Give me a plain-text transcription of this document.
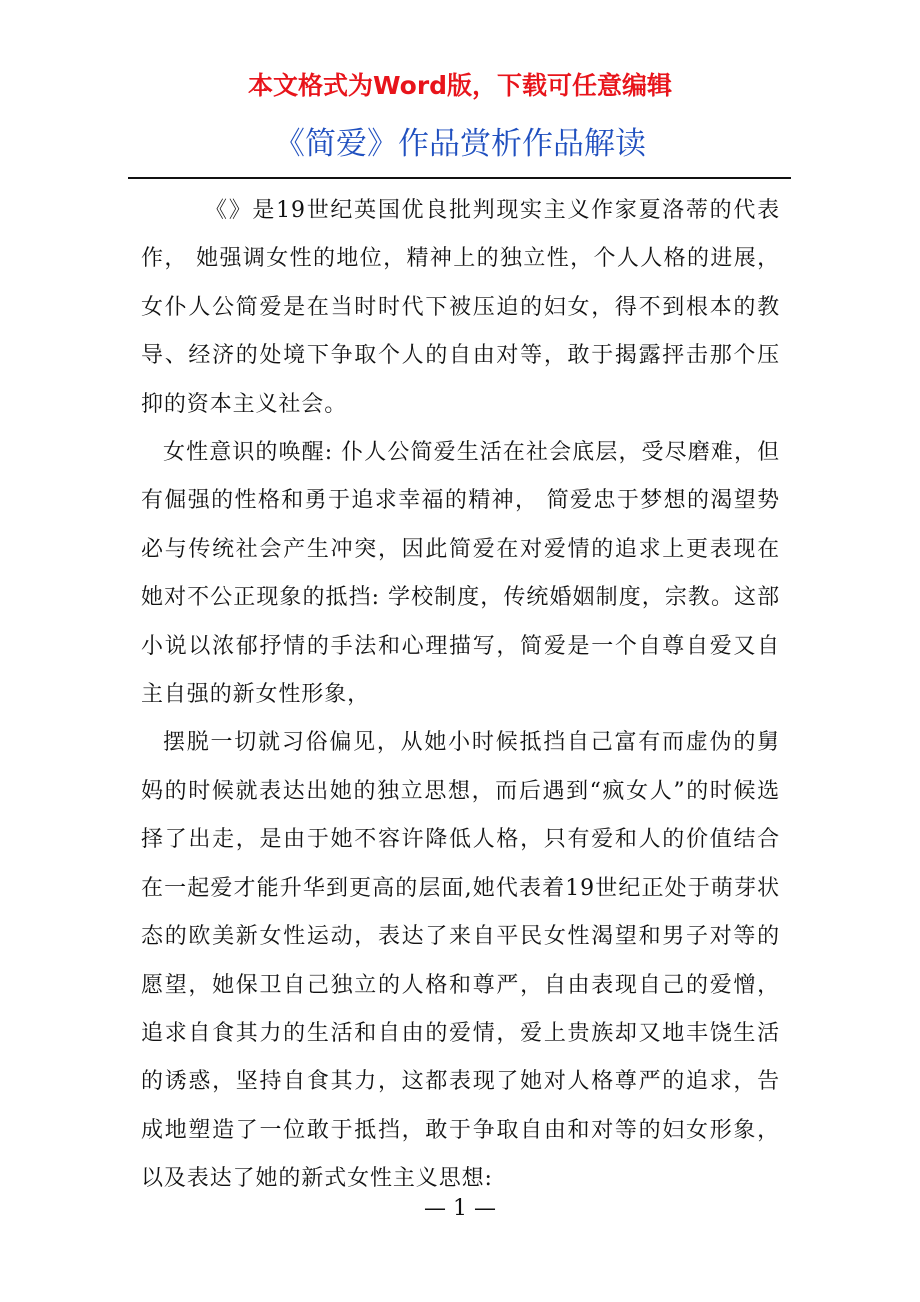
本文格式为Word版，下载可任意编辑
《简爱》作品赏析作品解读

《》是19世纪英国优良批判现实主义作家夏洛蒂的代表作， 她强调女性的地位，精神上的独立性，个人人格的进展，女仆人公简爱是在当时时代下被压迫的妇女，得不到根本的教导、经济的处境下争取个人的自由对等，敢于揭露抨击那个压抑的资本主义社会。

女性意识的唤醒: 仆人公简爱生活在社会底层，受尽磨难，但有倔强的性格和勇于追求幸福的精神， 简爱忠于梦想的渴望势必与传统社会产生冲突，因此简爱在对爱情的追求上更表现在她对不公正现象的抵挡: 学校制度，传统婚姻制度，宗教。这部小说以浓郁抒情的手法和心理描写，简爱是一个自尊自爱又自主自强的新女性形象，

摆脱一切就习俗偏见，从她小时候抵挡自己富有而虚伪的舅妈的时候就表达出她的独立思想，而后遇到“疯女人”的时候选择了出走，是由于她不容许降低人格，只有爱和人的价值结合在一起爱才能升华到更高的层面,她代表着19世纪正处于萌芽状态的欧美新女性运动，表达了来自平民女性渴望和男子对等的愿望，她保卫自己独立的人格和尊严，自由表现自己的爱憎，追求自食其力的生活和自由的爱情，爱上贵族却又地丰饶生活的诱惑，坚持自食其力，这都表现了她对人格尊严的追求，告成地塑造了一位敢于抵挡，敢于争取自由和对等的妇女形象，以及表达了她的新式女性主义思想:

— 1 —
